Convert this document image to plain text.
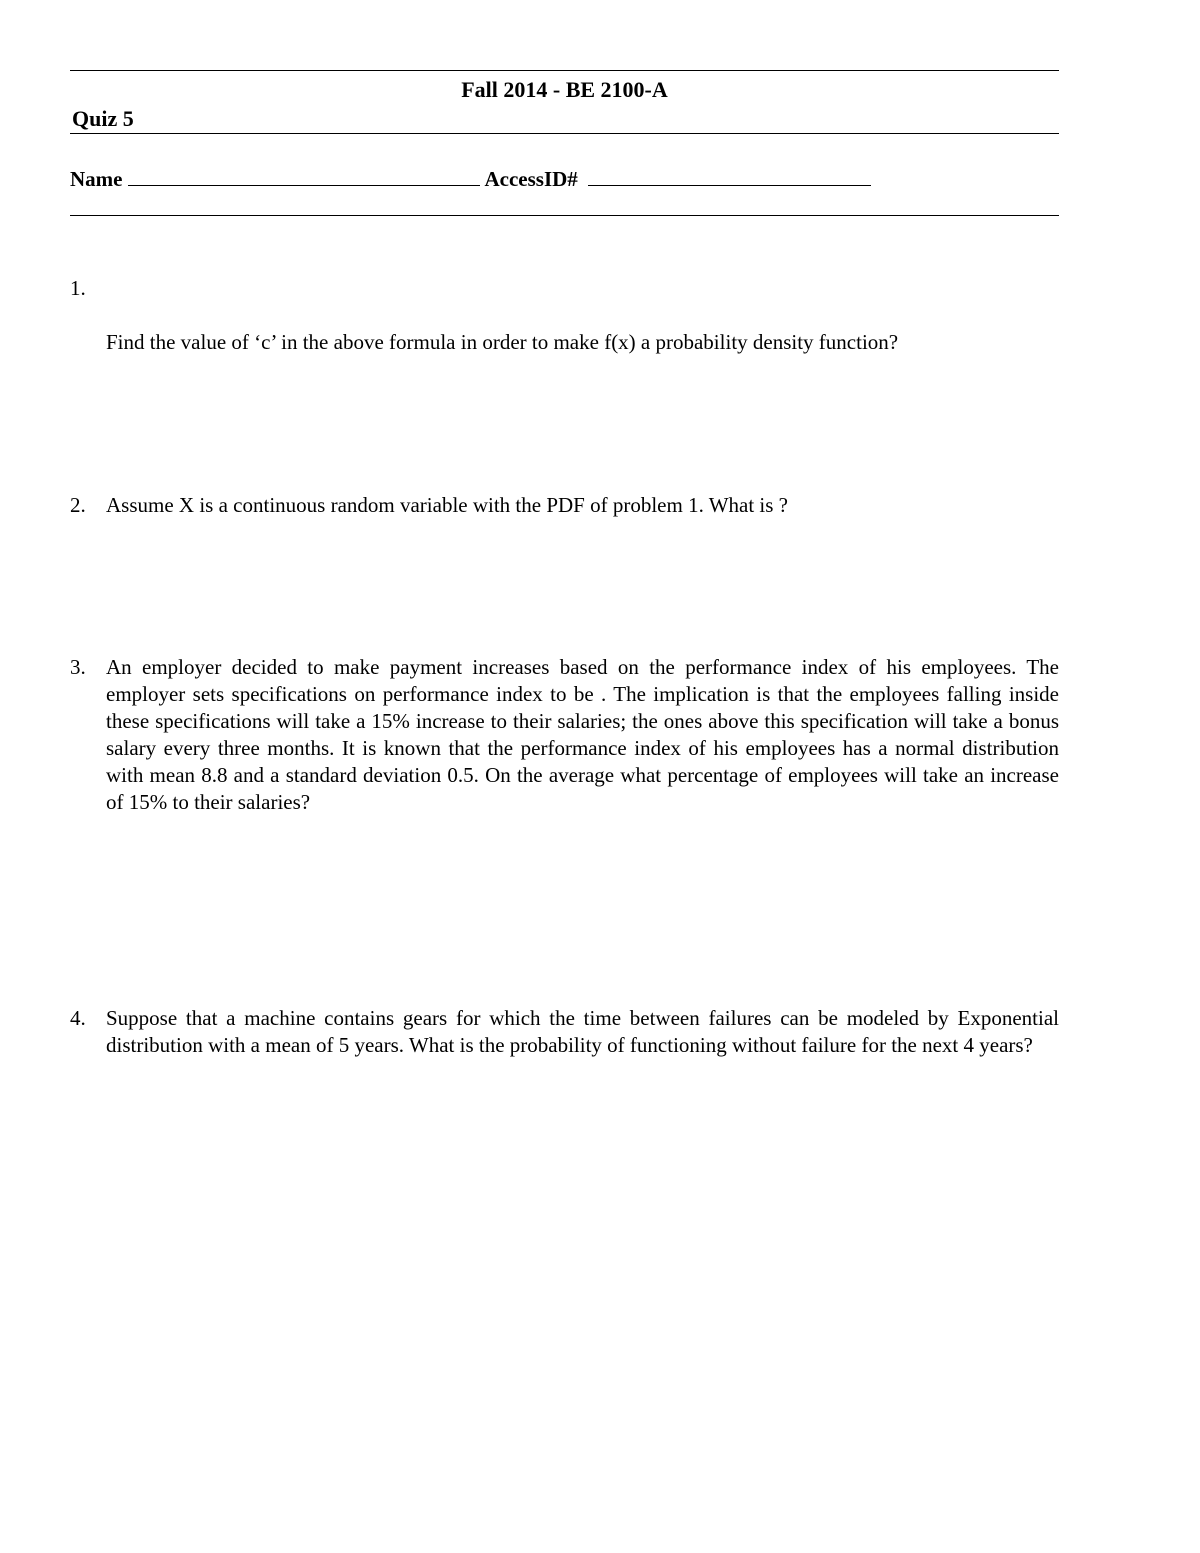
Fall 2014 - BE 2100-A
Quiz 5
Name	AccessID#
1.
Find the value of ‘c’ in the above formula in order to make f(x) a probability density function?
2. Assume X is a continuous random variable with the PDF of problem 1. What is ?
3. An employer decided to make payment increases based on the performance index of his employees. The employer sets specifications on performance index to be . The implication is that the employees falling inside these specifications will take a 15% increase to their salaries; the ones above this specification will take a bonus salary every three months. It is known that the performance index of his employees has a normal distribution with mean 8.8 and a standard deviation 0.5. On the average what percentage of employees will take an increase of 15% to their salaries?
4. Suppose that a machine contains gears for which the time between failures can be modeled by Exponential distribution with a mean of 5 years. What is the probability of functioning without failure for the next 4 years?
